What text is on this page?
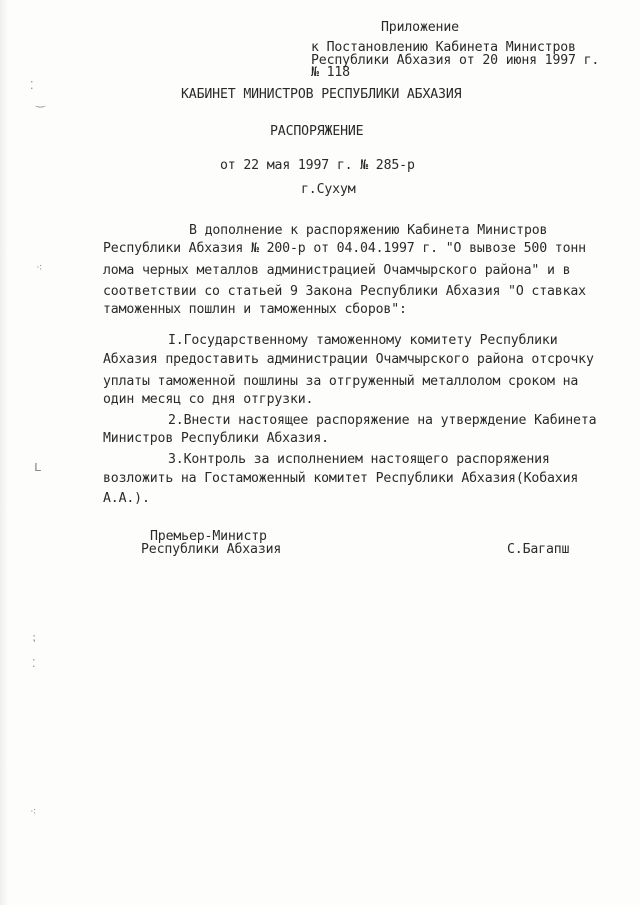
⁚
‿
⁖
ʟ
⁏
⁚
⁖
Приложение
к Постановлению Кабинета Министров
Республики Абхазия от 20 июня 1997 г.
№ 118
КАБИНЕТ МИНИСТРОВ РЕСПУБЛИКИ АБХАЗИЯ
РАСПОРЯЖЕНИЕ
от 22 мая 1997 г. № 285-р
г.Сухум
В дополнение к распоряжению Кабинета Министров
Республики Абхазия № 200-р от 04.04.1997 г. "О вывозе 500 тонн
лома черных металлов администрацией Очамчырского района" и в
соответствии со статьей 9 Закона Республики Абхазия "О ставках
таможенных пошлин и таможенных сборов":
I.Государственному таможенному комитету Республики
Абхазия предоставить администрации Очамчырского района отсрочку
уплаты таможенной пошлины за отгруженный металлолом сроком на
один месяц со дня отгрузки.
2.Внести настоящее распоряжение на утверждение Кабинета
Министров Республики Абхазия.
3.Контроль за исполнением настоящего распоряжения
возложить на Гостаможенный комитет Республики Абхазия(Кобахия
А.А.).
Премьер-Министр
Республики Абхазия	С.Багапш
